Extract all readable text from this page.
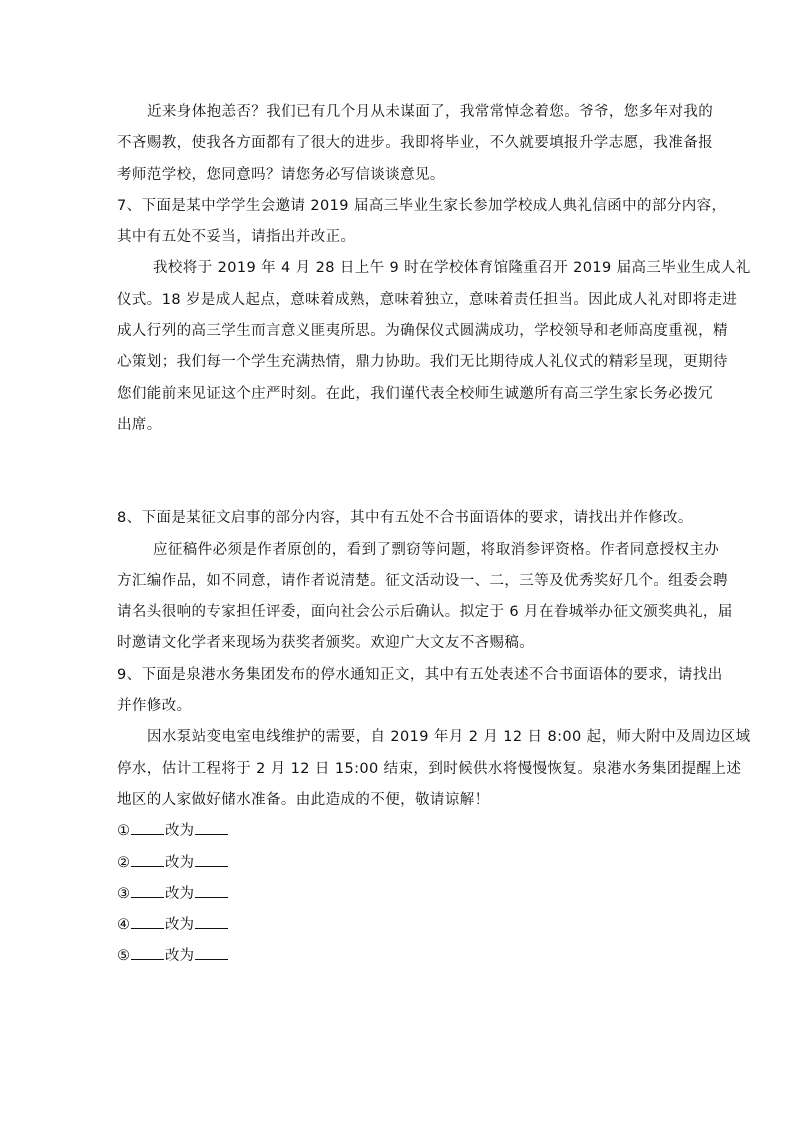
近来身体抱恙否？我们已有几个月从未谋面了，我常常悼念着您。爷爷，您多年对我的
不吝赐教，使我各方面都有了很大的进步。我即将毕业，不久就要填报升学志愿，我准备报
考师范学校，您同意吗？请您务必写信谈谈意见。
7、下面是某中学学生会邀请 2019 届高三毕业生家长参加学校成人典礼信函中的部分内容，
其中有五处不妥当，请指出并改正。
我校将于 2019 年 4 月 28 日上午 9 时在学校体育馆隆重召开 2019 届高三毕业生成人礼
仪式。18 岁是成人起点，意味着成熟，意味着独立，意味着责任担当。因此成人礼对即将走进
成人行列的高三学生而言意义匪夷所思。为确保仪式圆满成功，学校领导和老师高度重视，精
心策划；我们每一个学生充满热情，鼎力协助。我们无比期待成人礼仪式的精彩呈现，更期待
您们能前来见证这个庄严时刻。在此，我们谨代表全校师生诚邀所有高三学生家长务必拨冗
出席。
8、下面是某征文启事的部分内容，其中有五处不合书面语体的要求，请找出并作修改。
应征稿件必须是作者原创的，看到了剽窃等问题，将取消参评资格。作者同意授权主办
方汇编作品，如不同意，请作者说清楚。征文活动设一、二，三等及优秀奖好几个。组委会聘
请名头很响的专家担任评委，面向社会公示后确认。拟定于 6 月在眷城举办征文颁奖典礼，届
时邀请文化学者来现场为获奖者颁奖。欢迎广大文友不吝赐稿。
9、下面是泉港水务集团发布的停水通知正文，其中有五处表述不合书面语体的要求，请找出
并作修改。
因水泵站变电室电线维护的需要，自 2019 年月 2 月 12 日 8:00 起，师大附中及周边区域
停水，估计工程将于 2 月 12 日 15:00 结束，到时候供水将慢慢恢复。泉港水务集团提醒上述
地区的人家做好储水准备。由此造成的不便，敬请谅解！
① 改为
② 改为
③ 改为
④ 改为
⑤ 改为
